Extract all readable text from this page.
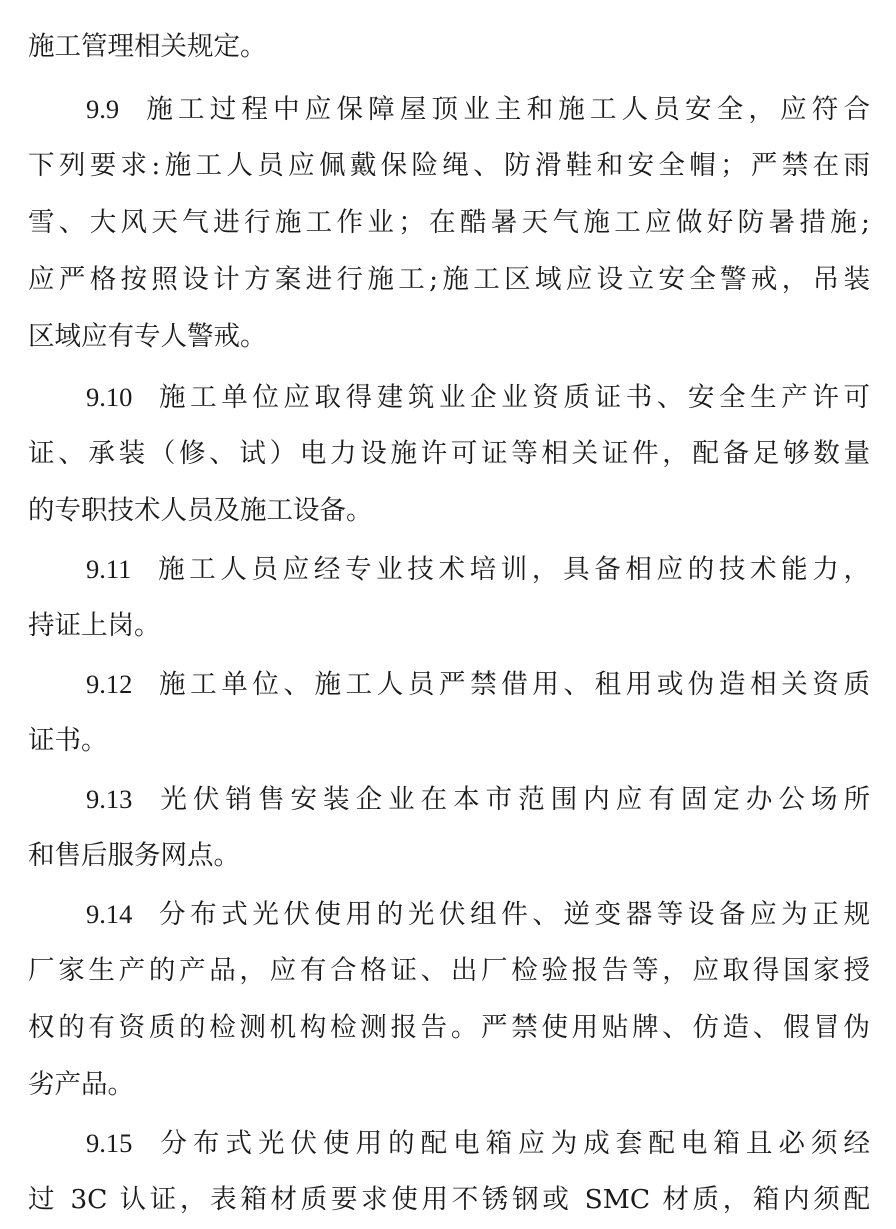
施工管理相关规定。
9.9 施工过程中应保障屋顶业主和施工人员安全，应符合
下列要求:施工人员应佩戴保险绳、防滑鞋和安全帽；严禁在雨
雪、大风天气进行施工作业；在酷暑天气施工应做好防暑措施;
应严格按照设计方案进行施工;施工区域应设立安全警戒，吊装
区域应有专人警戒。
9.10 施工单位应取得建筑业企业资质证书、安全生产许可
证、承装（修、试）电力设施许可证等相关证件，配备足够数量
的专职技术人员及施工设备。
9.11 施工人员应经专业技术培训，具备相应的技术能力，
持证上岗。
9.12 施工单位、施工人员严禁借用、租用或伪造相关资质
证书。
9.13 光伏销售安装企业在本市范围内应有固定办公场所
和售后服务网点。
9.14 分布式光伏使用的光伏组件、逆变器等设备应为正规
厂家生产的产品，应有合格证、出厂检验报告等，应取得国家授
权的有资质的检测机构检测报告。严禁使用贴牌、仿造、假冒伪
劣产品。
9.15 分布式光伏使用的配电箱应为成套配电箱且必须经
过 3C 认证，表箱材质要求使用不锈钢或 SMC 材质，箱内须配
